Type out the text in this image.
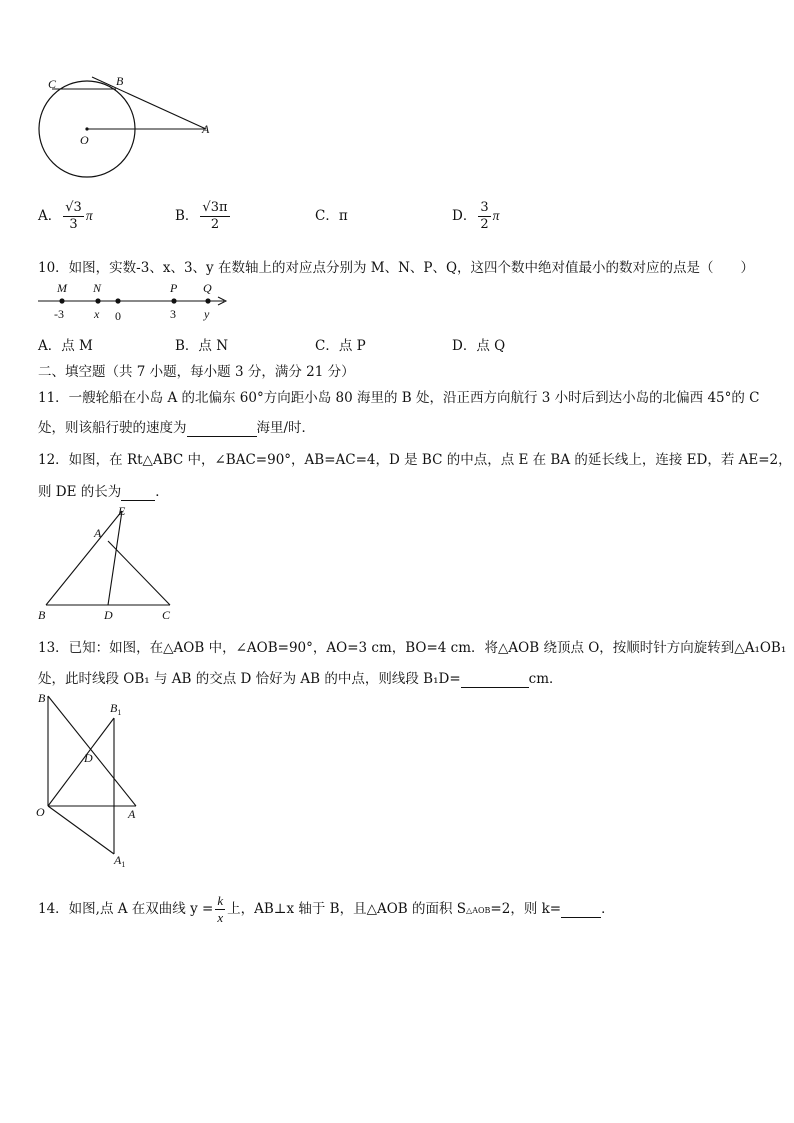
C	B
O
A
A． $\frac{√3}{3}$ π	B． $\frac{√3\pi}{2}$	C．π	D． $\frac{3}{2}$ π
10．如图，实数-3、x、3、y 在数轴上的对应点分别为 M、N、P、Q，这四个数中绝对值最小的数对应的点是（　　）
M N	P Q
-3	x 0	3 y
A．点 M	B．点 N	C．点 P	D．点 Q
二、填空题（共 7 小题，每小题 3 分，满分 21 分）
11．一艘轮船在小岛 A 的北偏东 60°方向距小岛 80 海里的 B 处，沿正西方向航行 3 小时后到达小岛的北偏西 45°的 C
处，则该船行驶的速度为	海里/时．
12．如图，在 Rt△ABC 中，∠BAC=90°，AB=AC=4，D 是 BC 的中点，点 E 在 BA 的延长线上，连接 ED，若 AE=2，
则 DE 的长为	．
E
A
B	D	C
13．已知：如图，在△AOB 中，∠AOB=90°，AO=3 cm，BO=4 cm．将△AOB 绕顶点 O，按顺时针方向旋转到△A₁OB₁
处，此时线段 OB₁ 与 AB 的交点 D 恰好为 AB 的中点，则线段 B₁D=	cm．
B
$B_1$
D
O	A
$A_1$
14．如图,点 A 在双曲线 $y = \frac{k}{x}$ 上，AB⊥x 轴于 B，且△AOB 的面积 S△AOB=2，则 k=	．
